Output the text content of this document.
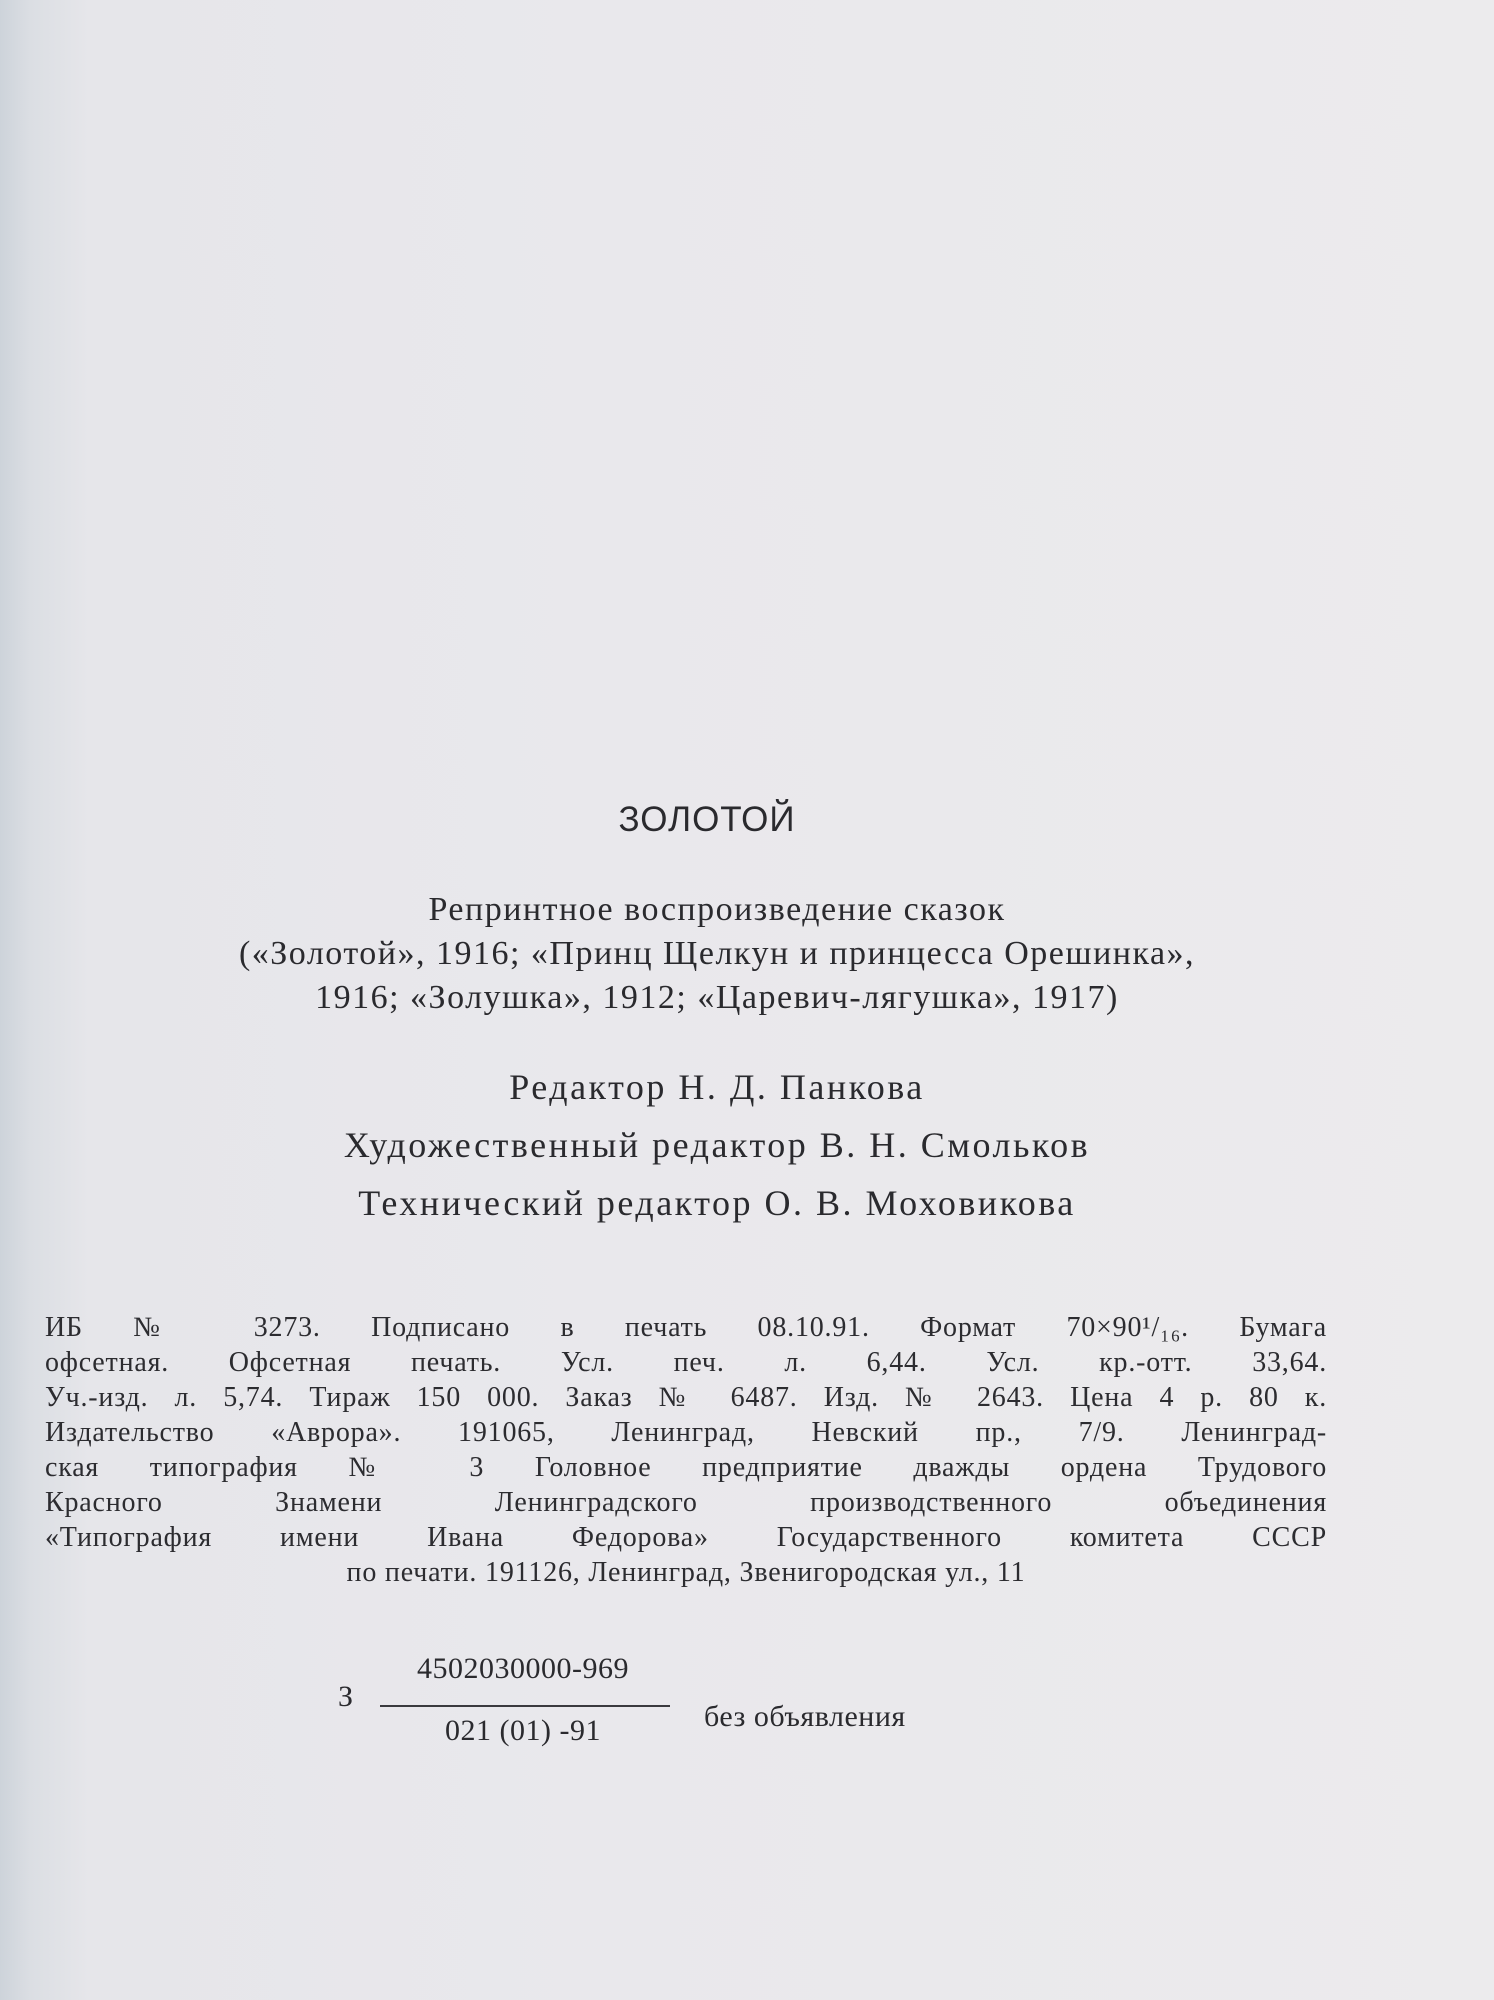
ЗОЛОТОЙ
Репринтное воспроизведение сказок
(«Золотой», 1916; «Принц Щелкун и принцесса Орешинка»,
1916; «Золушка», 1912; «Царевич-лягушка», 1917)
Редактор Н. Д. Панкова
Художественный редактор В. Н. Смольков
Технический редактор О. В. Моховикова
ИБ № 3273. Подписано в печать 08.10.91. Формат 70×90¹/₁₆. Бумага
офсетная. Офсетная печать. Усл. печ. л. 6,44. Усл. кр.-отт. 33,64.
Уч.-изд. л. 5,74. Тираж 150 000. Заказ № 6487. Изд. № 2643. Цена 4 р. 80 к.
Издательство «Аврора». 191065, Ленинград, Невский пр., 7/9. Ленинград-
ская типография № 3 Головное предприятие дважды ордена Трудового
Красного Знамени Ленинградского производственного объединения
«Типография имени Ивана Федорова» Государственного комитета СССР
по печати. 191126, Ленинград, Звенигородская ул., 11
З
4502030000-969
021 (01) -91	без объявления
